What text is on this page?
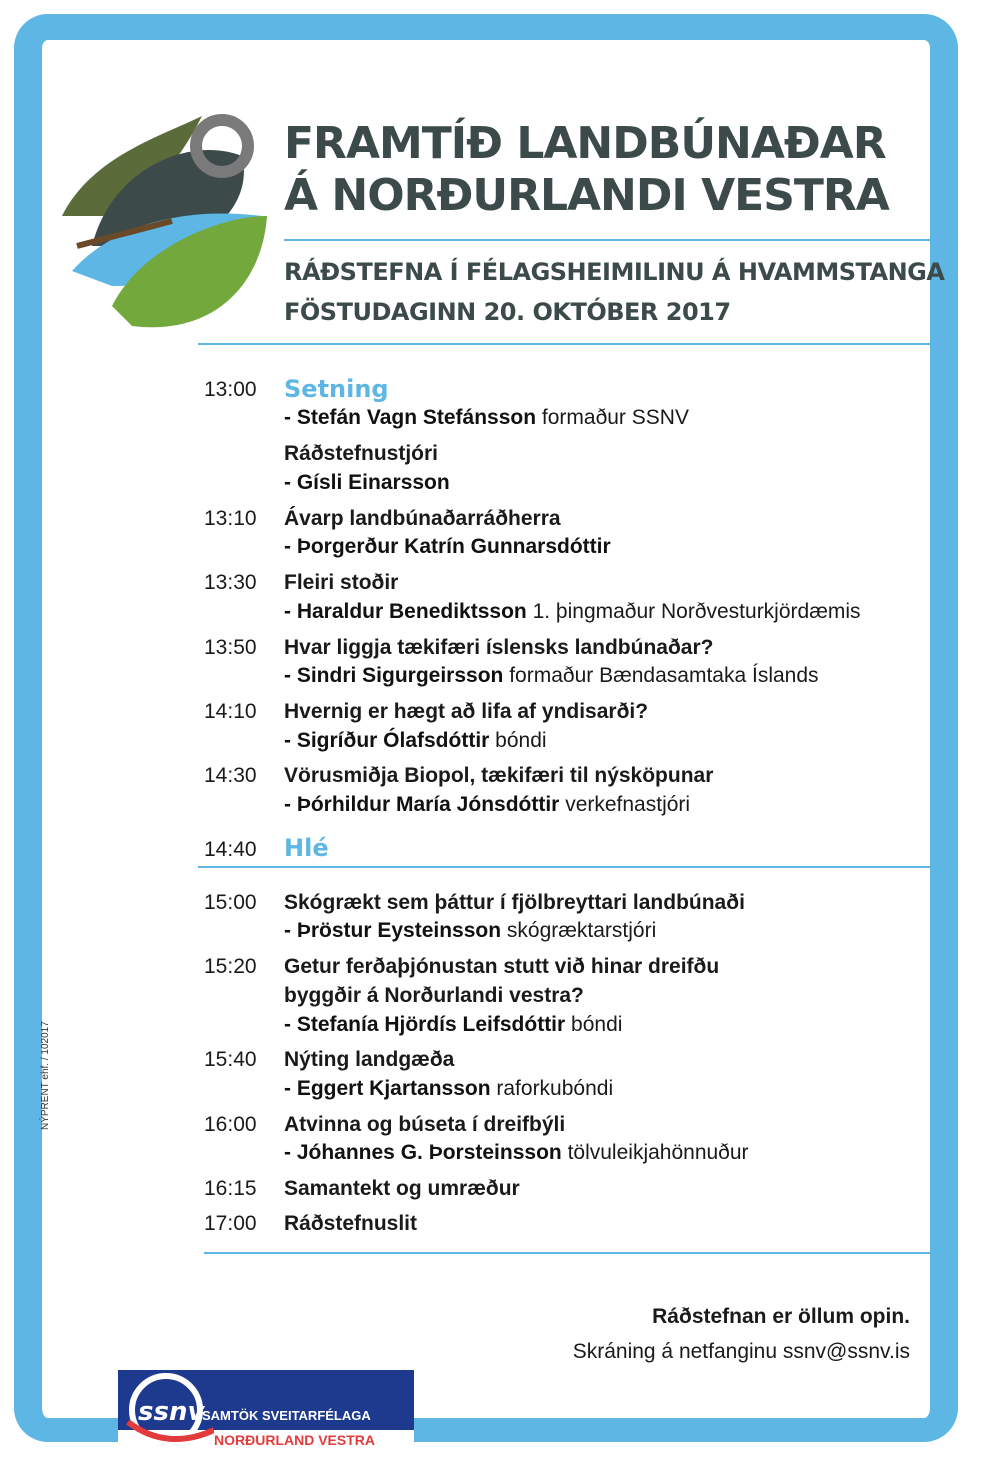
FRAMTÍÐ LANDBÚNAÐAR
Á NORÐURLANDI VESTRA
RÁÐSTEFNA Í FÉLAGSHEIMILINU Á HVAMMSTANGA
FÖSTUDAGINN 20. OKTÓBER 2017
13:00 Setning
- Stefán Vagn Stefánsson formaður SSNV
Ráðstefnustjóri
- Gísli Einarsson
13:10 Ávarp landbúnaðarráðherra
- Þorgerður Katrín Gunnarsdóttir
13:30 Fleiri stoðir
- Haraldur Benediktsson 1. þingmaður Norðvesturkjördæmis
13:50 Hvar liggja tækifæri íslensks landbúnaðar?
- Sindri Sigurgeirsson formaður Bændasamtaka Íslands
14:10 Hvernig er hægt að lifa af yndisarði?
- Sigríður Ólafsdóttir bóndi
14:30 Vörusmiðja Biopol, tækifæri til nýsköpunar
- Þórhildur María Jónsdóttir verkefnastjóri
14:40 Hlé
15:00 Skógrækt sem þáttur í fjölbreyttari landbúnaði
- Þröstur Eysteinsson skógræktarstjóri
15:20 Getur ferðaþjónustan stutt við hinar dreifðu
byggðir á Norðurlandi vestra?
- Stefanía Hjördís Leifsdóttir bóndi
15:40 Nýting landgæða
- Eggert Kjartansson raforkubóndi
16:00 Atvinna og búseta í dreifbýli
- Jóhannes G. Þorsteinsson tölvuleikjahönnuður
16:15 Samantekt og umræður
17:00 Ráðstefnuslit
NÝPRENT ehf. / 102017
Ráðstefnan er öllum opin.
Skráning á netfanginu ssnv@ssnv.is
ssnv
SAMTÖK SVEITARFÉLAGA
NORÐURLAND VESTRA
